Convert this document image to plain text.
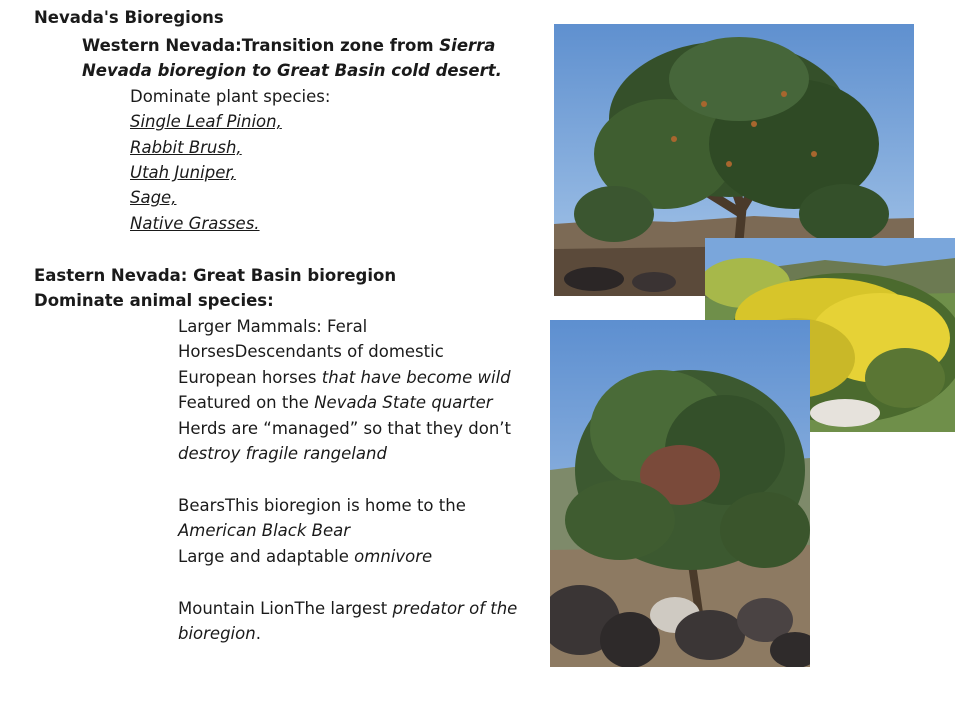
Nevada's Bioregions
Western Nevada:Transition zone from Sierra
Nevada bioregion to Great Basin cold desert.
Dominate plant species:
Single Leaf Pinion,
Rabbit Brush,
Utah Juniper,
Sage,
Native Grasses.
Eastern Nevada: Great Basin bioregion
Dominate animal species:
Larger Mammals: Feral
HorsesDescendants of domestic
European horses that have become wild
Featured on the Nevada State quarter
Herds are “managed” so that they don’t
destroy fragile rangeland
BearsThis bioregion is home to the
American Black Bear
Large and adaptable omnivore
Mountain LionThe largest predator of the
bioregion.
